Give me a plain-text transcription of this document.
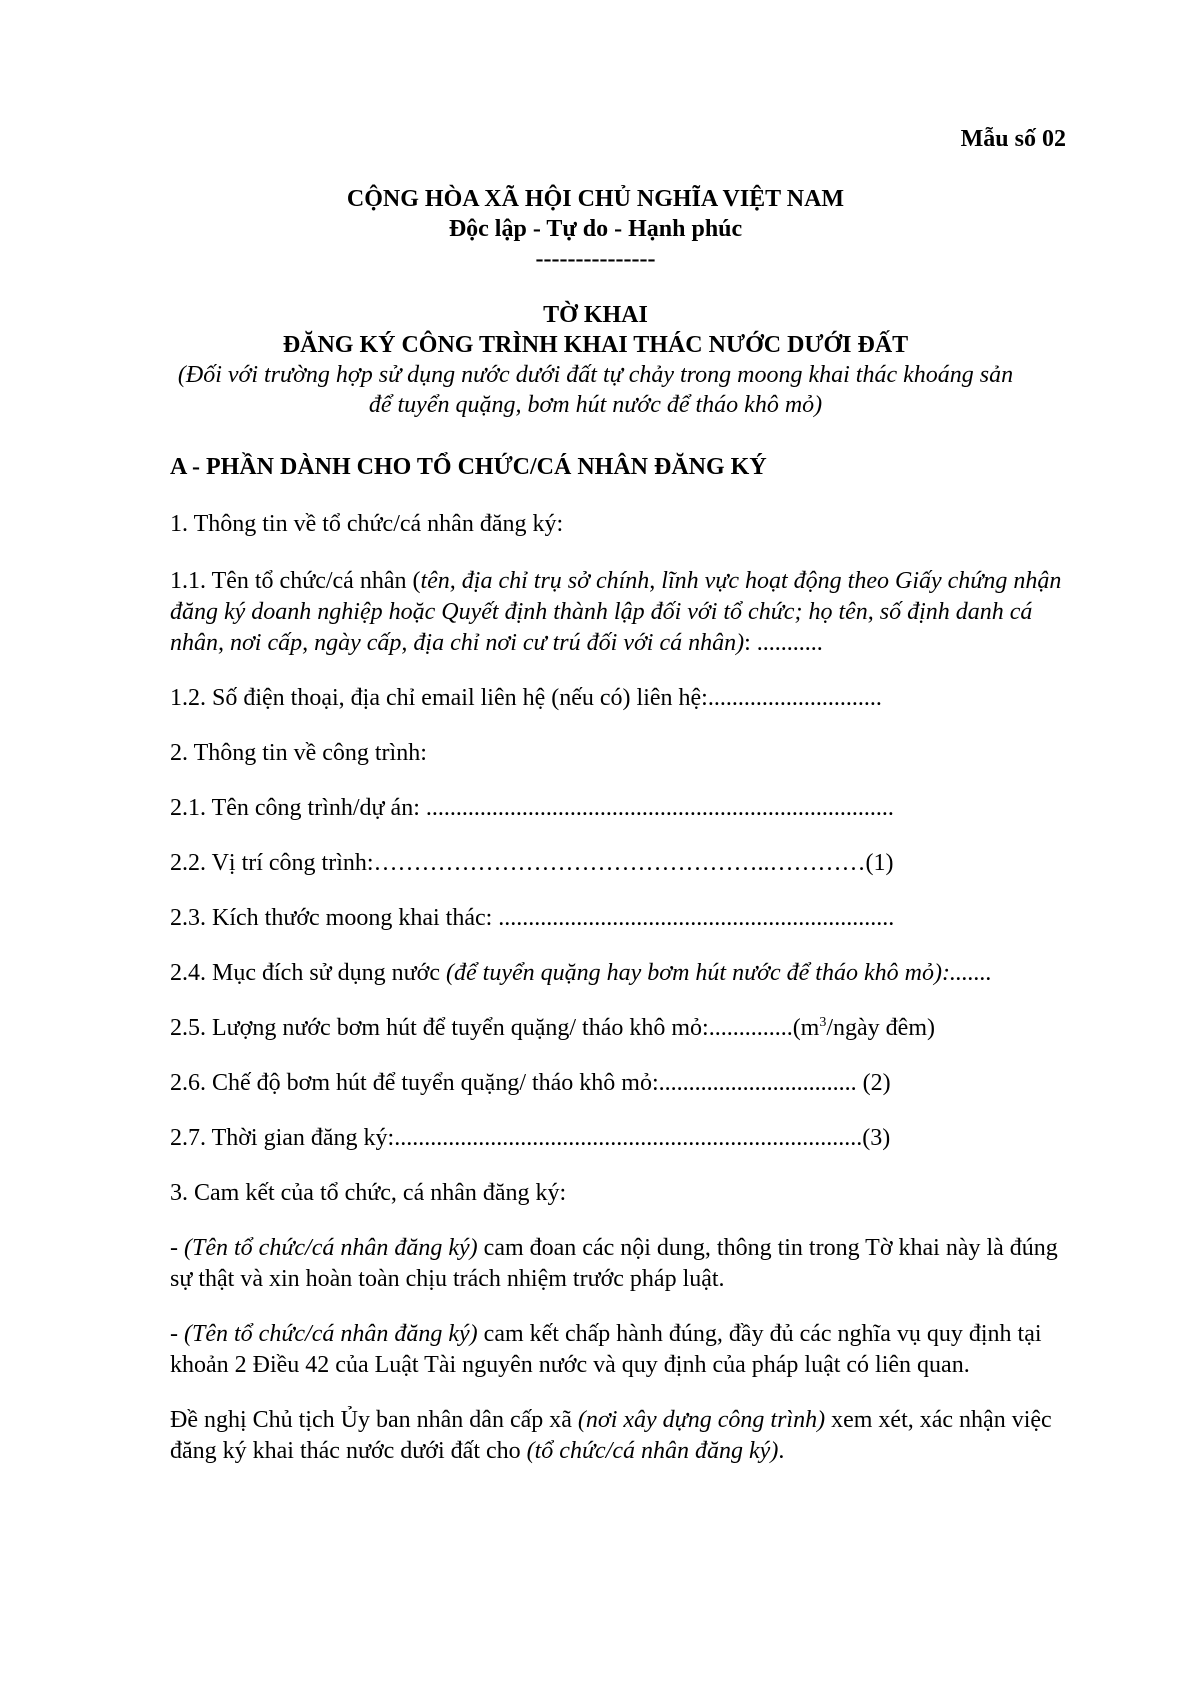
Mẫu số 02
CỘNG HÒA XÃ HỘI CHỦ NGHĨA VIỆT NAM
Độc lập - Tự do - Hạnh phúc
---------------
TỜ KHAI
ĐĂNG KÝ CÔNG TRÌNH KHAI THÁC NƯỚC DƯỚI ĐẤT
(Đối với trường hợp sử dụng nước dưới đất tự chảy trong moong khai thác khoáng sản
để tuyển quặng, bơm hút nước để tháo khô mỏ)

A - PHẦN DÀNH CHO TỔ CHỨC/CÁ NHÂN ĐĂNG KÝ

1. Thông tin về tổ chức/cá nhân đăng ký:

1.1. Tên tổ chức/cá nhân (tên, địa chỉ trụ sở chính, lĩnh vực hoạt động theo Giấy chứng nhận đăng ký doanh nghiệp hoặc Quyết định thành lập đối với tổ chức; họ tên, số định danh cá nhân, nơi cấp, ngày cấp, địa chỉ nơi cư trú đối với cá nhân): ...........

1.2. Số điện thoại, địa chỉ email liên hệ (nếu có) liên hệ:.............................

2. Thông tin về công trình:

2.1. Tên công trình/dự án: ..............................................................................

2.2. Vị trí công trình:…………………………………………..…………(1)

2.3. Kích thước moong khai thác: ..................................................................

2.4. Mục đích sử dụng nước (để tuyển quặng hay bơm hút nước để tháo khô mỏ):.......

2.5. Lượng nước bơm hút để tuyển quặng/ tháo khô $mỏ:..............(m^3$/ngày đêm)

2.6. Chế độ bơm hút để tuyển quặng/ tháo khô mỏ:................................. (2)

2.7. Thời gian đăng ký:..............................................................................(3)

3. Cam kết của tổ chức, cá nhân đăng ký:

- (Tên tổ chức/cá nhân đăng ký) cam đoan các nội dung, thông tin trong Tờ khai này là đúng sự thật và xin hoàn toàn chịu trách nhiệm trước pháp luật.

- (Tên tổ chức/cá nhân đăng ký) cam kết chấp hành đúng, đầy đủ các nghĩa vụ quy định tại khoản 2 Điều 42 của Luật Tài nguyên nước và quy định của pháp luật có liên quan.

Đề nghị Chủ tịch Ủy ban nhân dân cấp xã (nơi xây dựng công trình) xem xét, xác nhận việc đăng ký khai thác nước dưới đất cho (tổ chức/cá nhân đăng ký).
